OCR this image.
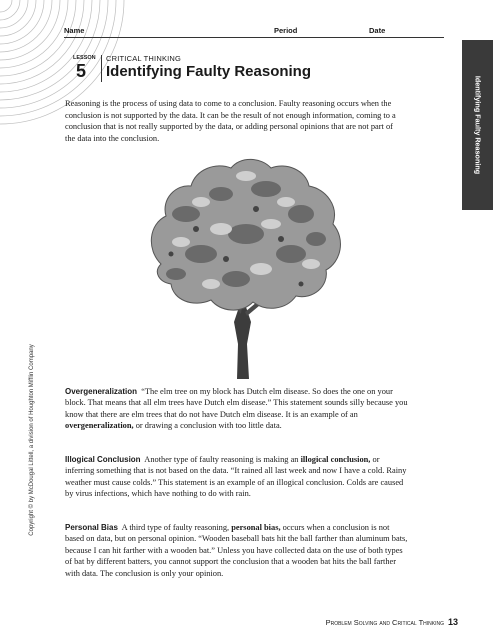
Name	Period	Date
Identifying Faulty Reasoning
LESSON
5
CRITICAL THINKING
Identifying Faulty Reasoning

Reasoning is the process of using data to come to a conclusion. Faulty reasoning occurs when the conclusion is not supported by the data. It can be the result of not enough information, coming to a conclusion that is not really supported by the data, or adding personal opinions that are not part of the data into the conclusion.

Copyright © by McDougal Littell, a division of Houghton Mifflin Company	Overgeneralization “The elm tree on my block has Dutch elm disease. So does the one on your block. That means that all elm trees have Dutch elm disease.” This statement sounds silly because you know that there are elm trees that do not have Dutch elm disease. It is an example of an overgeneralization, or drawing a conclusion with too little data.

Illogical Conclusion Another type of faulty reasoning is making an illogical conclusion, or inferring something that is not based on the data. “It rained all last week and now I have a cold. Rainy weather must cause colds.” This statement is an example of an illogical conclusion. Colds are caused by virus infections, which have nothing to do with rain.

Personal Bias A third type of faulty reasoning, personal bias, occurs when a conclusion is not based on data, but on personal opinion. “Wooden baseball bats hit the ball farther than aluminum bats, because I can hit farther with a wooden bat.” Unless you have collected data on the use of both types of bat by different batters, you cannot support the conclusion that a wooden bat hits the ball farther with data. The conclusion is only your opinion.

Problem Solving and Critical Thinking 13
